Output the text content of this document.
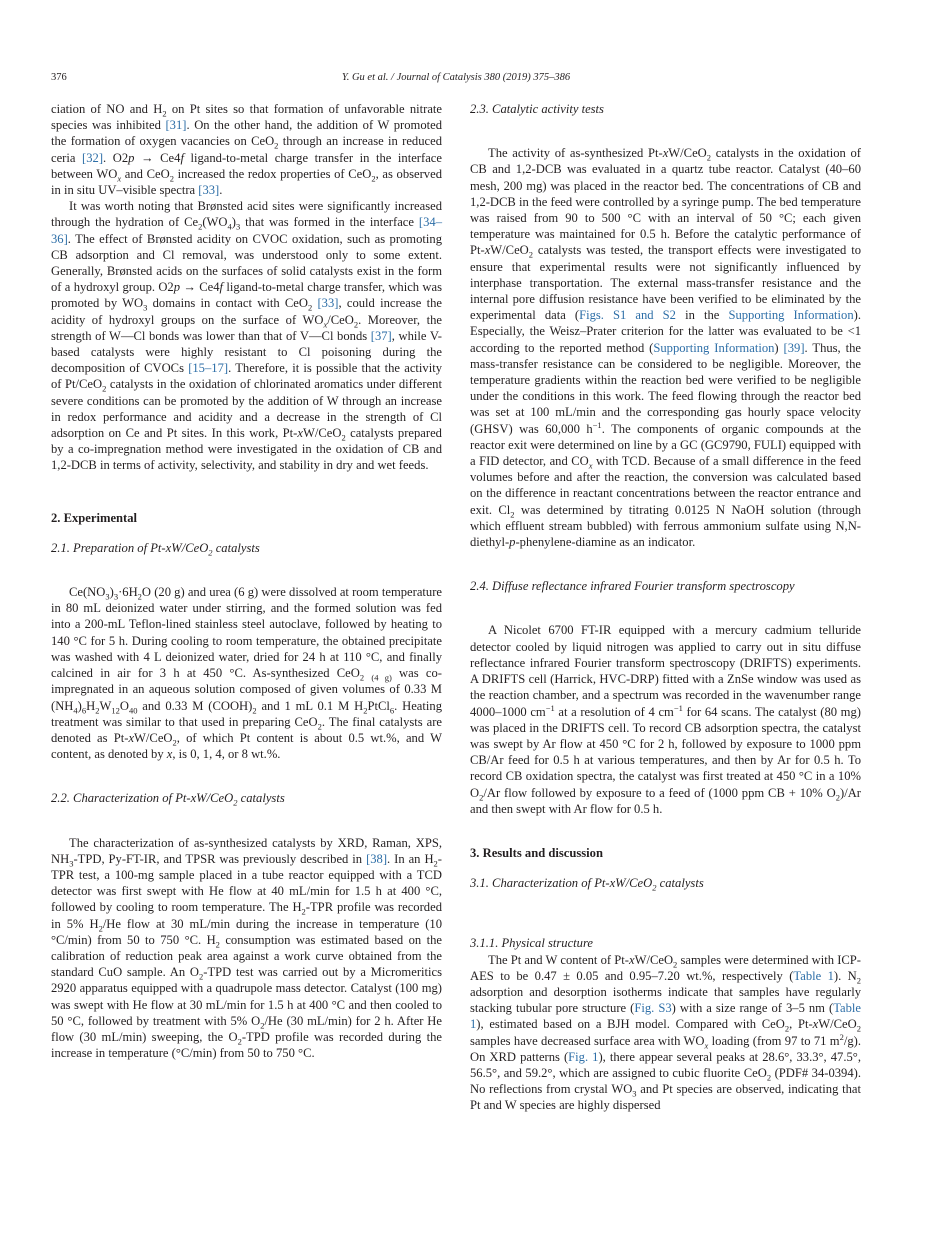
376	Y. Gu et al. / Journal of Catalysis 380 (2019) 375–386

ciation of NO and $H_2$ on Pt sites so that formation of unfavorable nitrate species was inhibited [31]. On the other hand, the addition of W promoted the formation of oxygen vacancies on CeO$_2$ through an increase in reduced ceria [32]. O2p → Ce4f ligand-to-metal charge transfer in the interface between $WO_x$ and CeO$_2$ increased the redox properties of CeO$_2$, as observed in in situ UV–visible spectra [33].

It was worth noting that Brønsted acid sites were significantly increased through the hydration of $Ce_2(WO_4)_3$ that was formed in the interface [34–36]. The effect of Brønsted acidity on CVOC oxidation, such as promoting CB adsorption and Cl removal, was understood only to some extent. Generally, Brønsted acids on the surfaces of solid catalysts exist in the form of a hydroxyl group. O2p → Ce4f ligand-to-metal charge transfer, which was promoted by $WO_3$ domains in contact with CeO$_2$ [33], could increase the acidity of hydroxyl groups on the surface of $WO_x/CeO_2$. Moreover, the strength of W—Cl bonds was lower than that of V—Cl bonds [37], while V-based catalysts were highly resistant to Cl poisoning during the decomposition of CVOCs [15–17]. Therefore, it is possible that the activity of Pt/CeO$_2$ catalysts in the oxidation of chlorinated aromatics under different severe conditions can be promoted by the addition of W through an increase in redox performance and acidity and a decrease in the strength of Cl adsorption on Ce and Pt sites. In this work, Pt-xW/CeO$_2$ catalysts prepared by a co-impregnation method were investigated in the oxidation of CB and 1,2-DCB in terms of activity, selectivity, and stability in dry and wet feeds.

2. Experimental
2.1. Preparation of Pt-xW/CeO$_2$ catalysts

$Ce(NO_3)_3\cdot 6H_2O$ (20 g) and urea (6 g) were dissolved at room temperature in 80 mL deionized water under stirring, and the formed solution was fed into a 200-mL Teflon-lined stainless steel autoclave, followed by heating to 140 °C for 5 h. During cooling to room temperature, the obtained precipitate was washed with 4 L deionized water, dried for 24 h at 110 °C, and finally calcined in air for 3 h at 450 °C. As-synthesized CeO$_2$ $_{(4 g)}$ was co-impregnated in an aqueous solution composed of given volumes of 0.33 M $(NH_4)_6H_2W_{12}O_{40}$ and 0.33 M $(COOH)_2$ and 1 mL 0.1 M $H_2PtCl_6$. Heating treatment was similar to that used in preparing CeO$_2$. The final catalysts are denoted as Pt-xW/CeO$_2$, of which Pt content is about 0.5 wt.%, and W content, as denoted by x, is 0, 1, 4, or 8 wt.%.

2.2. Characterization of Pt-xW/CeO$_2$ catalysts

The characterization of as-synthesized catalysts by XRD, Raman, XPS, $NH_3$-TPD, Py-FT-IR, and TPSR was previously described in [38]. In an $H_2$-TPR test, a 100-mg sample placed in a tube reactor equipped with a TCD detector was first swept with He flow at 40 mL/min for 1.5 h at 400 °C, followed by cooling to room temperature. The $H_2$-TPR profile was recorded in 5% $H_2/He$ flow at 30 mL/min during the increase in temperature (10 °C/min) from 50 to 750 °C. $H_2$ consumption was estimated based on the calibration of reduction peak area against a work curve obtained from the standard CuO sample. An $O_2$-TPD test was carried out by a Micromeritics 2920 apparatus equipped with a quadrupole mass detector. Catalyst (100 mg) was swept with He flow at 30 mL/min for 1.5 h at 400 °C and then cooled to 50 °C, followed by treatment with 5% $O_2/He$ (30 mL/min) for 2 h. After He flow (30 mL/min) sweeping, the $O_2$-TPD profile was recorded during the increase in temperature (°C/min) from 50 to 750 °C.

2.3. Catalytic activity tests

The activity of as-synthesized Pt-xW/CeO$_2$ catalysts in the oxidation of CB and 1,2-DCB was evaluated in a quartz tube reactor. Catalyst (40–60 mesh, 200 mg) was placed in the reactor bed. The concentrations of CB and 1,2-DCB in the feed were controlled by a syringe pump. The bed temperature was raised from 90 to 500 °C with an interval of 50 °C; each given temperature was maintained for 0.5 h. Before the catalytic performance of Pt-xW/CeO$_2$ catalysts was tested, the transport effects were investigated to ensure that experimental results were not significantly influenced by interphase transportation. The external mass-transfer resistance and the internal pore diffusion resistance have been verified to be eliminated by the experimental data (Figs. S1 and S2 in the Supporting Information). Especially, the Weisz–Prater criterion for the latter was evaluated to be <1 according to the reported method (Supporting Information) [39]. Thus, the mass-transfer resistance can be considered to be negligible. Moreover, the temperature gradients within the reaction bed were verified to be negligible under the conditions in this work. The feed flowing through the reactor bed was set at 100 mL/min and the corresponding gas hourly space velocity (GHSV) was 60,000 $h^{-1}$. The components of organic compounds at the reactor exit were determined on line by a GC (GC9790, FULI) equipped with a FID detector, and $CO_x$ with TCD. Because of a small difference in the feed volumes before and after the reaction, the conversion was calculated based on the difference in reactant concentrations between the reactor entrance and exit. $Cl_2$ was determined by titrating 0.0125 N NaOH solution (through which effluent stream bubbled) with ferrous ammonium sulfate using N,N-diethyl-p-phenylene-diamine as an indicator.

2.4. Diffuse reflectance infrared Fourier transform spectroscopy

A Nicolet 6700 FT-IR equipped with a mercury cadmium telluride detector cooled by liquid nitrogen was applied to carry out in situ diffuse reflectance infrared Fourier transform spectroscopy (DRIFTS) experiments. A DRIFTS cell (Harrick, HVC-DRP) fitted with a ZnSe window was used as the reaction chamber, and a spectrum was recorded in the wavenumber range 4000–1000 $cm^{-1}$ at a resolution of 4 $cm^{-1}$ for 64 scans. The catalyst (80 mg) was placed in the DRIFTS cell. To record CB adsorption spectra, the catalyst was swept by Ar flow at 450 °C for 2 h, followed by exposure to 1000 ppm CB/Ar feed for 0.5 h at various temperatures, and then by Ar for 0.5 h. To record CB oxidation spectra, the catalyst was first treated at 450 °C in a 10% $O_2/Ar$ flow followed by exposure to a feed of (1000 ppm CB + 10% $O_2)/Ar$ and then swept with Ar flow for 0.5 h.

3. Results and discussion
3.1. Characterization of Pt-xW/CeO$_2$ catalysts
3.1.1. Physical structure

The Pt and W content of Pt-xW/CeO$_2$ samples were determined with ICP-AES to be 0.47 ± 0.05 and 0.95–7.20 wt.%, respectively (Table 1). $N_2$ adsorption and desorption isotherms indicate that samples have regularly stacking tubular pore structure (Fig. S3) with a size range of 3–5 nm (Table 1), estimated based on a BJH model. Compared with CeO$_2$, Pt-xW/CeO$_2$ samples have decreased surface area with $WO_x$ loading (from 97 to 71 $m^2/g$). On XRD patterns (Fig. 1), there appear several peaks at 28.6°, 33.3°, 47.5°, 56.5°, and 59.2°, which are assigned to cubic fluorite CeO$_2$ (PDF# 34-0394). No reflections from crystal $WO_3$ and Pt species are observed, indicating that Pt and W species are highly dispersed
